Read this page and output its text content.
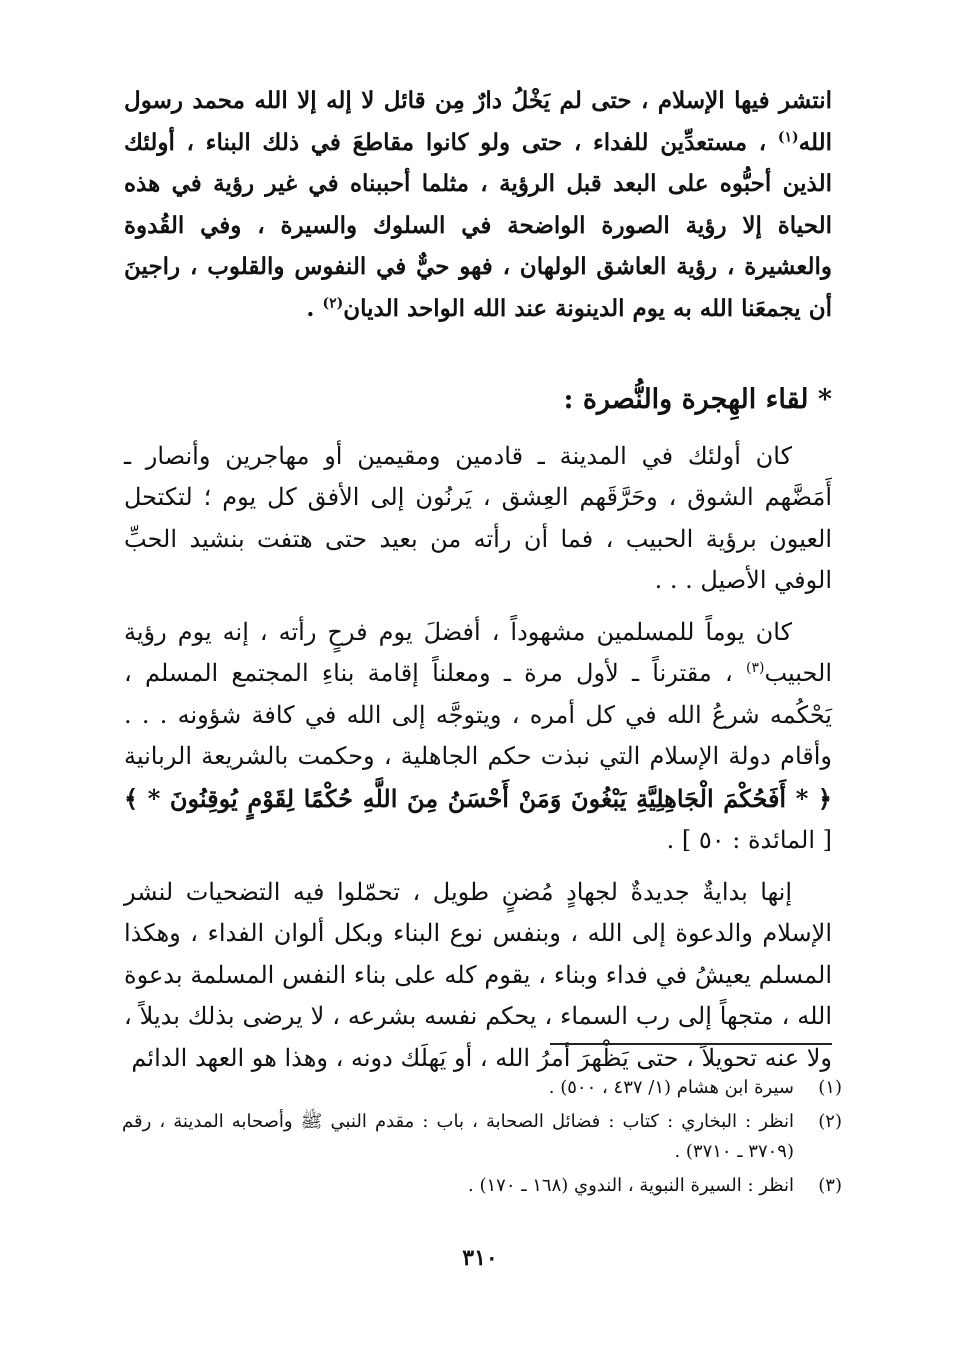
انتشر فيها الإسلام ، حتى لم يَخْلُ دارٌ مِن قائل لا إله إلا الله محمد رسول الله$^{(١)}$ ، مستعدِّين للفداء ، حتى ولو كانوا مقاطعَ في ذلك البناء ، أولئك الذين أحبُّوه على البعد قبل الرؤية ، مثلما أحببناه في غير رؤية في هذه الحياة إلا رؤية الصورة الواضحة في السلوك والسيرة ، وفي القُدوة والعشيرة ، رؤية العاشق الولهان ، فهو حيٌّ في النفوس والقلوب ، راجينَ أن يجمعَنا الله به يوم الدينونة عند الله الواحد الديان$^{(٢)}$ .

* لقاء الهِجرة والنُّصرة :

كان أولئك في المدينة ـ قادمين ومقيمين أو مهاجرين وأنصار ـ أَمَضَّهم الشوق ، وحَرَّقَهم العِشق ، يَرنُون إلى الأفق كل يوم ؛ لتكتحل العيون برؤية الحبيب ، فما أن رأته من بعيد حتى هتفت بنشيد الحبِّ الوفي الأصيل . . .

كان يوماً للمسلمين مشهوداً ، أفضلَ يوم فرحٍ رأته ، إنه يوم رؤية الحبيب$^{(٣)}$ ، مقترناً ـ لأول مرة ـ ومعلناً إقامة بناءِ المجتمع المسلم ، يَحْكُمه شرعُ الله في كل أمره ، ويتوجَّه إلى الله في كافة شؤونه . . . وأقام دولة الإسلام التي نبذت حكم الجاهلية ، وحكمت بالشريعة الربانية ﴿ * أَفَحُكْمَ الْجَاهِلِيَّةِ يَبْغُونَ وَمَنْ أَحْسَنُ مِنَ اللَّهِ حُكْمًا لِقَوْمٍ يُوقِنُونَ * ﴾ [ المائدة : ٥٠ ] .

إنها بدايةٌ جديدةٌ لجهادٍ مُضنٍ طويل ، تحمّلوا فيه التضحيات لنشر الإسلام والدعوة إلى الله ، وبنفس نوع البناء وبكل ألوان الفداء ، وهكذا المسلم يعيشُ في فداء وبناء ، يقوم كله على بناء النفس المسلمة بدعوة الله ، متجهاً إلى رب السماء ، يحكم نفسه بشرعه ، لا يرضى بذلك بديلاً ، ولا عنه تحويلاً ، حتى يَظْهرَ أمرُ الله ، أو يَهلَك دونه ، وهذا هو العهد الدائم

(١)
سيرة ابن هشام (١/ ٤٣٧ ، ٥٠٠) .
(٢)
انظر : البخاري : كتاب : فضائل الصحابة ، باب : مقدم النبي ﷺ وأصحابه المدينة ، رقم (٣٧٠٩ ـ ٣٧١٠) .
(٣)
انظر : السيرة النبوية ، الندوي (١٦٨ ـ ١٧٠) .
٣١٠
